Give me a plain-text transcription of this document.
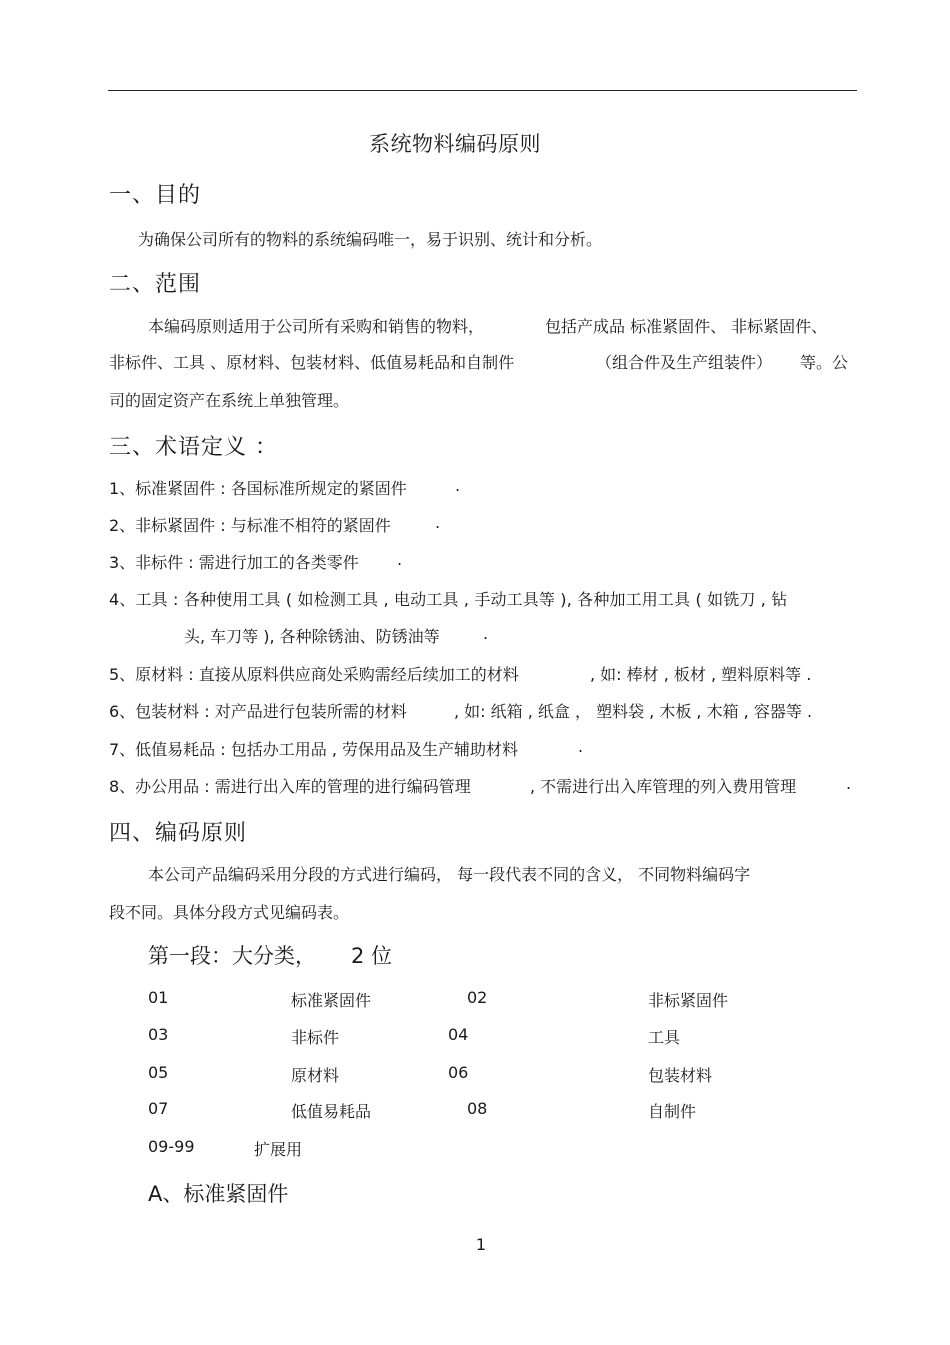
系统物料编码原则
一、目的
为确保公司所有的物料的系统编码唯一，易于识别、统计和分析。
二、范围
本编码原则适用于公司所有采购和销售的物料，	包括产成品 标准紧固件、 非标紧固件、
非标件、工具 、原材料、包装材料、低值易耗品和自制件	（组合件及生产组装件） 等。公
司的固定资产在系统上单独管理。
三、术语定义 ：
1、标准紧固件 : 各国标准所规定的紧固件	.
2、非标紧固件 : 与标准不相符的紧固件	.
3、非标件 : 需进行加工的各类零件 .
4、工具 : 各种使用工具 ( 如检测工具 , 电动工具 , 手动工具等 ), 各种加工用工具 ( 如铣刀 , 钻
头, 车刀等 ), 各种除锈油、防锈油等	.
5、原材料 : 直接从原料供应商处采购需经后续加工的材料	, 如: 棒材 , 板材 , 塑料原料等 .
6、包装材料 : 对产品进行包装所需的材料	, 如: 纸箱 , 纸盒 ， 塑料袋 , 木板 , 木箱 , 容器等 .
7、低值易耗品 : 包括办工用品 , 劳保用品及生产辅助材料	.
8、办公用品 : 需进行出入库的管理的进行编码管理	, 不需进行出入库管理的列入费用管理	.
四、编码原则
本公司产品编码采用分段的方式进行编码， 每一段代表不同的含义， 不同物料编码字
段不同。具体分段方式见编码表。
第一段：大分类， 2 位
01	标准紧固件	02	非标紧固件
03	非标件	04	工具
05	原材料	06	包装材料
07	低值易耗品	08	自制件
09-99	扩展用
A、标准紧固件
1
